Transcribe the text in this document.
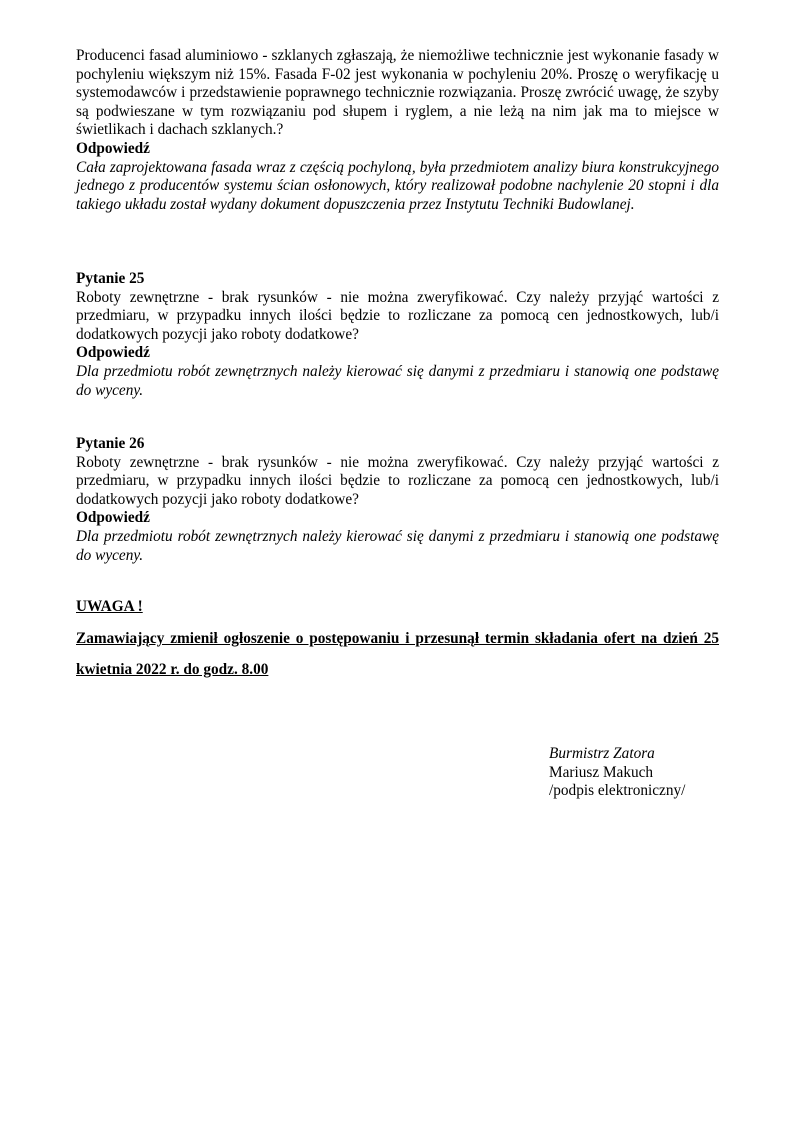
Producenci fasad aluminiowo - szklanych zgłaszają, że niemożliwe technicznie jest wykonanie fasady w pochyleniu większym niż 15%. Fasada F-02 jest wykonania w pochyleniu 20%. Proszę o weryfikację u systemodawców i przedstawienie poprawnego technicznie rozwiązania. Proszę zwrócić uwagę, że szyby są podwieszane w tym rozwiązaniu pod słupem i ryglem, a nie leżą na nim jak ma to miejsce w świetlikach i dachach szklanych.?

Odpowiedź

Cała zaprojektowana fasada wraz z częścią pochyloną, była przedmiotem analizy biura konstrukcyjnego jednego z producentów systemu ścian osłonowych, który realizował podobne nachylenie 20 stopni i dla takiego układu został wydany dokument dopuszczenia przez Instytutu Techniki Budowlanej.

Pytanie 25

Roboty zewnętrzne - brak rysunków - nie można zweryfikować. Czy należy przyjąć wartości z przedmiaru, w przypadku innych ilości będzie to rozliczane za pomocą cen jednostkowych, lub/i dodatkowych pozycji jako roboty dodatkowe?

Odpowiedź

Dla przedmiotu robót zewnętrznych należy kierować się danymi z przedmiaru i stanowią one podstawę do wyceny.

Pytanie 26

Roboty zewnętrzne - brak rysunków - nie można zweryfikować. Czy należy przyjąć wartości z przedmiaru, w przypadku innych ilości będzie to rozliczane za pomocą cen jednostkowych, lub/i dodatkowych pozycji jako roboty dodatkowe?

Odpowiedź

Dla przedmiotu robót zewnętrznych należy kierować się danymi z przedmiaru i stanowią one podstawę do wyceny.

UWAGA !

Zamawiający zmienił ogłoszenie o postępowaniu i przesunął termin składania ofert na dzień 25 kwietnia 2022 r. do godz. 8.00

Burmistrz Zatora
Mariusz Makuch
/podpis elektroniczny/
